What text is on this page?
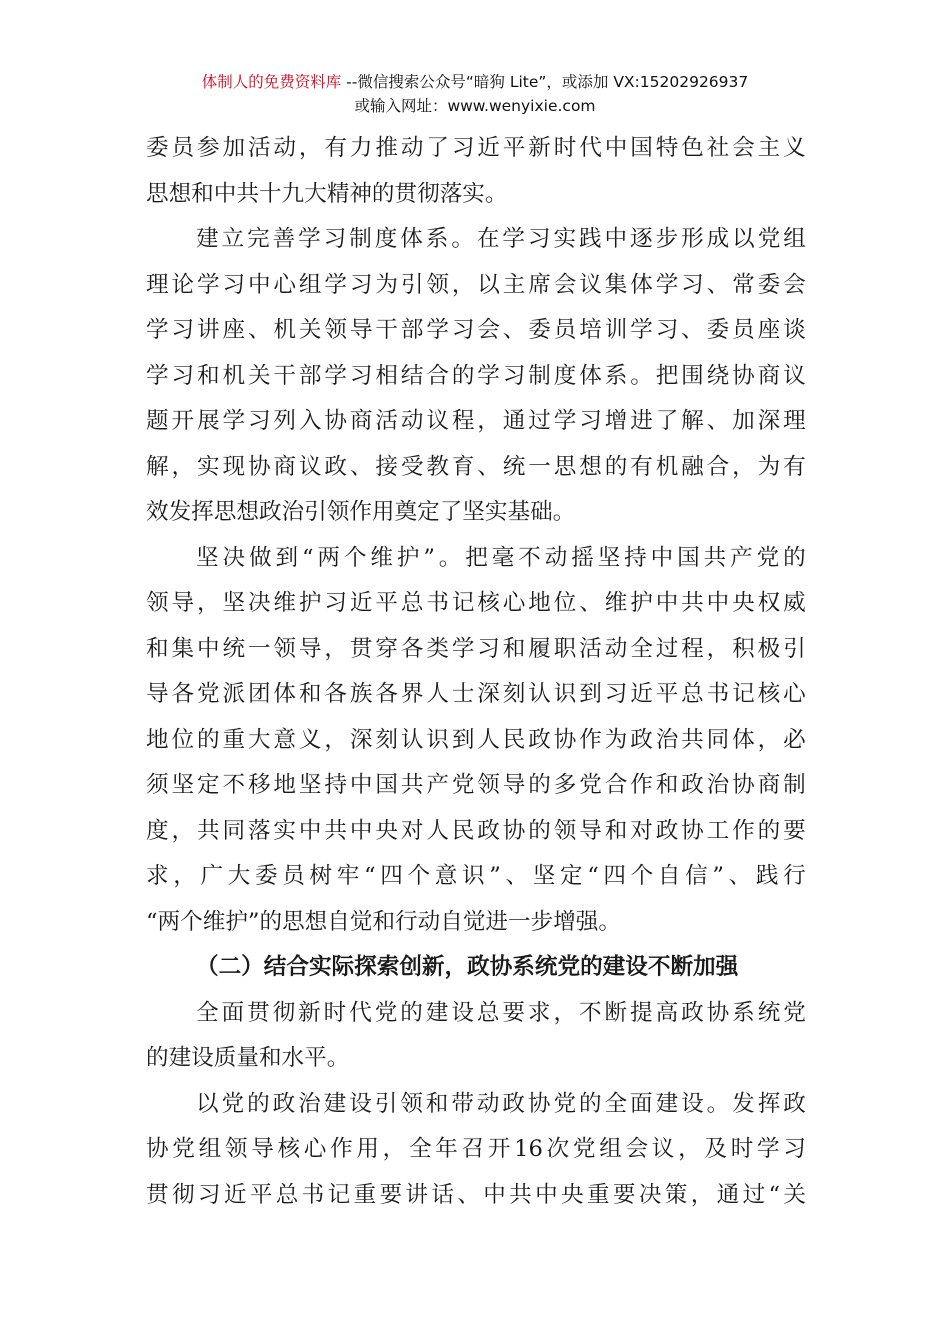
体制人的免费资料库 --微信搜索公众号“暗狗 Lite”，或添加 VX:15202926937
或输入网址：www.wenyixie.com
委 员 参 加 活 动 ， 有 力 推 动 了 习 近 平 新 时 代 中 国 特 色 社 会 主 义
思想和中共十九大精神的贯彻落实。
建 立 完 善 学 习 制 度 体 系 。 在 学 习 实 践 中 逐 步 形 成 以 党 组
理 论 学 习 中 心 组 学 习 为 引 领 ， 以 主 席 会 议 集 体 学 习 、 常 委 会
学 习 讲 座 、 机 关 领 导 干 部 学 习 会 、 委 员 培 训 学 习 、 委 员 座 谈
学 习 和 机 关 干 部 学 习 相 结 合 的 学 习 制 度 体 系 。 把 围 绕 协 商 议
题 开 展 学 习 列 入 协 商 活 动 议 程 ， 通 过 学 习 增 进 了 解 、 加 深 理
解 ， 实 现 协 商 议 政 、 接 受 教 育 、 统 一 思 想 的 有 机 融 合 ， 为 有
效发挥思想政治引领作用奠定了坚实基础。
坚 决 做 到 “ 两 个 维 护 ” 。 把 毫 不 动 摇 坚 持 中 国 共 产 党 的
领 导 ， 坚 决 维 护 习 近 平 总 书 记 核 心 地 位 、 维 护 中 共 中 央 权 威
和 集 中 统 一 领 导 ， 贯 穿 各 类 学 习 和 履 职 活 动 全 过 程 ， 积 极 引
导 各 党 派 团 体 和 各 族 各 界 人 士 深 刻 认 识 到 习 近 平 总 书 记 核 心
地 位 的 重 大 意 义 ， 深 刻 认 识 到 人 民 政 协 作 为 政 治 共 同 体 ， 必
须 坚 定 不 移 地 坚 持 中 国 共 产 党 领 导 的 多 党 合 作 和 政 治 协 商 制
度 ， 共 同 落 实 中 共 中 央 对 人 民 政 协 的 领 导 和 对 政 协 工 作 的 要
求 ， 广 大 委 员 树 牢 “ 四 个 意 识 ” 、 坚 定 “ 四 个 自 信 ” 、 践 行
“两个维护”的思想自觉和行动自觉进一步增强。
（二）结合实际探索创新，政协系统党的建设不断加强
全 面 贯 彻 新 时 代 党 的 建 设 总 要 求 ， 不 断 提 高 政 协 系 统 党
的建设质量和水平。
以 党 的 政 治 建 设 引 领 和 带 动 政 协 党 的 全 面 建 设 。 发 挥 政
协 党 组 领 导 核 心 作 用 ， 全 年 召 开 16 次 党 组 会 议 ， 及 时 学 习
贯 彻 习 近 平 总 书 记 重 要 讲 话 、 中 共 中 央 重 要 决 策 ， 通 过 “ 关
